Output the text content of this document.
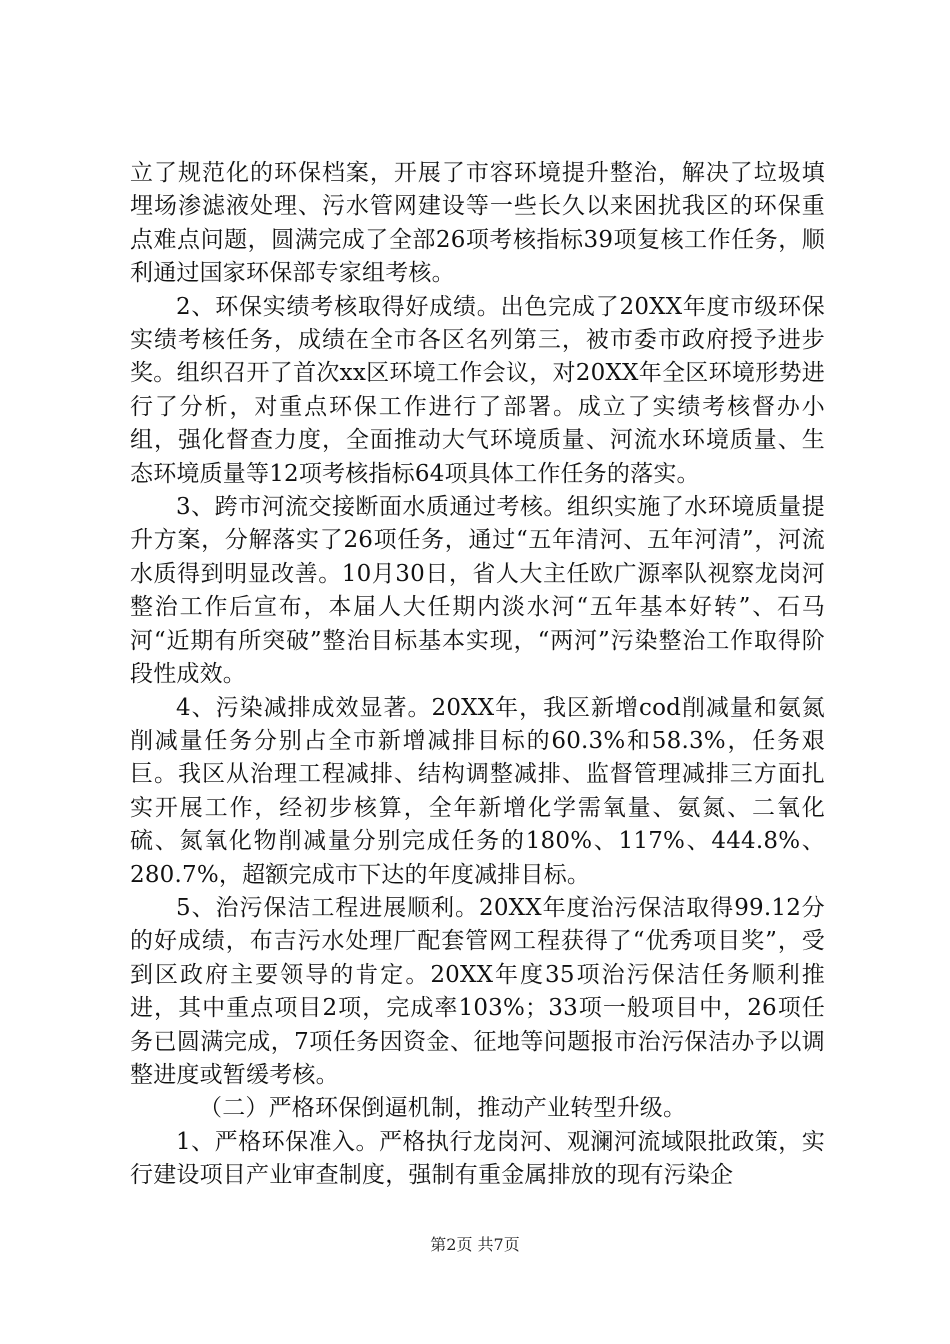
立了规范化的环保档案，开展了市容环境提升整治，解决了垃圾填埋场渗滤液处理、污水管网建设等一些长久以来困扰我区的环保重点难点问题，圆满完成了全部26项考核指标39项复核工作任务，顺利通过国家环保部专家组考核。

2、环保实绩考核取得好成绩。出色完成了20XX年度市级环保实绩考核任务，成绩在全市各区名列第三，被市委市政府授予进步奖。组织召开了首次xx区环境工作会议，对20XX年全区环境形势进行了分析，对重点环保工作进行了部署。成立了实绩考核督办小组，强化督查力度，全面推动大气环境质量、河流水环境质量、生态环境质量等12项考核指标64项具体工作任务的落实。

3、跨市河流交接断面水质通过考核。组织实施了水环境质量提升方案，分解落实了26项任务，通过“五年清河、五年河清”，河流水质得到明显改善。10月30日，省人大主任欧广源率队视察龙岗河整治工作后宣布，本届人大任期内淡水河“五年基本好转”、石马河“近期有所突破”整治目标基本实现，“两河”污染整治工作取得阶段性成效。

4、污染减排成效显著。20XX年，我区新增cod削减量和氨氮削减量任务分别占全市新增减排目标的60.3%和58.3%，任务艰巨。我区从治理工程减排、结构调整减排、监督管理减排三方面扎实开展工作，经初步核算，全年新增化学需氧量、氨氮、二氧化硫、氮氧化物削减量分别完成任务的180%、117%、444.8%、280.7%，超额完成市下达的年度减排目标。

5、治污保洁工程进展顺利。20XX年度治污保洁取得99.12分的好成绩，布吉污水处理厂配套管网工程获得了“优秀项目奖”，受到区政府主要领导的肯定。20XX年度35项治污保洁任务顺利推进，其中重点项目2项，完成率103%；33项一般项目中，26项任务已圆满完成，7项任务因资金、征地等问题报市治污保洁办予以调整进度或暂缓考核。

（二）严格环保倒逼机制，推动产业转型升级。

1、严格环保准入。严格执行龙岗河、观澜河流域限批政策，实行建设项目产业审查制度，强制有重金属排放的现有污染企

第2页 共7页
